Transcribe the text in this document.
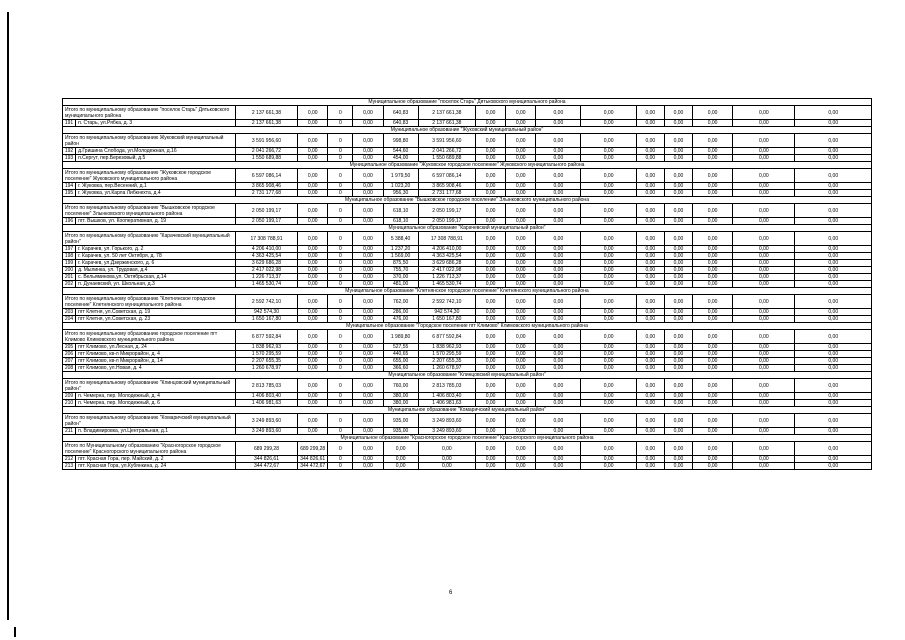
Муниципальное образование "поселок Старь" Дятьковского муниципального района																
Итого по муниципальному образованию "поселок Старь" Дятьковского муниципального района		2 137 661,38	0,00	0	0,00	640,83	2 137 661,38	0,00	0,00	0,00	0,00	0,00	0,00	0,00	0,00	0,00
191	п. Старь, ул.Рябка, д. 3	2 137 661,38	0,00	0	0,00	640,83	2 137 661,38	0,00	0,00	0,00	0,00	0,00	0,00	0,00	0,00	0,00
Муниципальное образование "Жуковский муниципальный район"																
Итого по муниципальному образованию Жуковский муниципальный район		3 591 956,60	0,00	0	0,00	998,80	3 591 956,60	0,00	0,00	0,00	0,00	0,00	0,00	0,00	0,00	0,00
192	д.Гришина Слобода, ул.Молодежная, д.16	2 041 266,72	0,00	0	0,00	544,60	2 041 266,72	0,00	0,00	0,00	0,00	0,00	0,00	0,00	0,00	0,00
193	п.Сергут, пер.Березовый, д.5	1 550 689,88	0,00	0	0,00	454,00	1 550 689,88	0,00	0,00	0,00	0,00	0,00	0,00	0,00	0,00	0,00
Муниципальное образование "Жуковское городское поселение" Жуковского муниципального района																
Итого по муниципальному образованию "Жуковское городское поселение" Жуковского муниципального района		6 597 086,14	0,00	0	0,00	1 979,50	6 597 086,14	0,00	0,00	0,00	0,00	0,00	0,00	0,00	0,00	0,00
194	г. Жуковка, пер.Весенний, д.1	3 865 908,46	0,00	0	0,00	1 023,20	3 865 908,46	0,00	0,00	0,00	0,00	0,00	0,00	0,00	0,00	0,00
195	г. Жуковка, ул.Карла Либкнехта, д.4	2 731 177,68	0,00	0	0,00	956,30	2 731 177,68	0,00	0,00	0,00	0,00	0,00	0,00	0,00	0,00	0,00
Муниципальное образование "Вышковское городское поселение" Злынковского муниципального района																
Итого по муниципальному образованию "Вышковское городское поселение" Злынковского муниципального района		2 050 199,17	0,00	0	0,00	618,10	2 050 199,17	0,00	0,00	0,00	0,00	0,00	0,00	0,00	0,00	0,00
196	пгт. Вышков, ул. Кооперативная, д. 19	2 050 199,17	0,00	0	0,00	618,10	2 050 199,17	0,00	0,00	0,00	0,00	0,00	0,00	0,00	0,00	0,00
Муниципальное образование "Карачевский муниципальный район"																
Итого по муниципальному образованию "Карачевский муниципальный район"		17 308 788,91	0,00	0	0,00	5 388,40	17 308 788,91	0,00	0,00	0,00	0,00	0,00	0,00	0,00	0,00	0,00
197	г. Карачев, ул. Горького, д. 2	4 206 410,00	0,00	0	0,00	1 237,20	4 206 410,00	0,00	0,00	0,00	0,00	0,00	0,00	0,00	0,00	0,00
198	г. Карачев, ул. 50 лет Октября, д. 78	4 363 425,54	0,00	0	0,00	1 569,00	4 363 425,54	0,00	0,00	0,00	0,00	0,00	0,00	0,00	0,00	0,00
199	г. Карачев, ул.Дзержинского, д. 6	3 629 686,28	0,00	0	0,00	875,50	3 629 686,28	0,00	0,00	0,00	0,00	0,00	0,00	0,00	0,00	0,00
200	д. Мылинка, ул. Трудовая, д.4	2 417 022,98	0,00	0	0,00	755,70	2 417 022,98	0,00	0,00	0,00	0,00	0,00	0,00	0,00	0,00	0,00
201	с. Вельяминова,ул. Октябрьская, д.14	1 226 713,37	0,00	0	0,00	370,00	1 226 713,37	0,00	0,00	0,00	0,00	0,00	0,00	0,00	0,00	0,00
202	п. Дунаевский, ул. Школьная, д.3	1 465 530,74	0,00	0	0,00	481,00	1 465 530,74	0,00	0,00	0,00	0,00	0,00	0,00	0,00	0,00	0,00
Муниципальное образование "Клетнянское городское поселение" Клетнянского муниципального района																
Итого по муниципальному образованию "Клетнянское городское поселение" Клетнянского муниципального района		2 592 742,10	0,00	0	0,00	762,00	2 592 742,10	0,00	0,00	0,00	0,00	0,00	0,00	0,00	0,00	0,00
203	пгт Клетня, ул.Советская, д. 19	942 574,30	0,00	0	0,00	286,00	942 574,30	0,00	0,00	0,00	0,00	0,00	0,00	0,00	0,00	0,00
204	пгт Клетня, ул.Советская, д. 23	1 650 167,80	0,00	0	0,00	476,00	1 650 167,80	0,00	0,00	0,00	0,00	0,00	0,00	0,00	0,00	0,00
Муниципальное образование "Городское поселение пгт Климово" Климовского муниципального района																
Итого по муниципальному образованию городское поселение пгт Климово Климовского муниципального района		6 877 592,84	0,00	0	0,00	1 989,80	6 877 592,84	0,00	0,00	0,00	0,00	0,00	0,00	0,00	0,00	0,00
205	пгт Климово, ул.Лесная, д. 24	1 838 962,93	0,00	0	0,00	527,55	1 838 962,93	0,00	0,00	0,00	0,00	0,00	0,00	0,00	0,00	0,00
206	пгт Климово, кв-л Микрорайон, д. 4	1 570 295,59	0,00	0	0,00	440,65	1 570 295,59	0,00	0,00	0,00	0,00	0,00	0,00	0,00	0,00	0,00
207	пгт Климово, кв-л Микрорайон, д. 14	2 207 655,35	0,00	0	0,00	655,00	2 207 655,35	0,00	0,00	0,00	0,00	0,00	0,00	0,00	0,00	0,00
208	пгт Климово, ул.Новая, д. 4	1 260 678,97	0,00	0	0,00	366,60	1 260 678,97	0,00	0,00	0,00	0,00	0,00	0,00	0,00	0,00	0,00
Муниципальное образование "Клинцовский муниципальный район"																
Итого по муниципальному образованию "Клинцовский муниципальный район"		2 813 785,03	0,00	0	0,00	760,00	2 813 785,03	0,00	0,00	0,00	0,00	0,00	0,00	0,00	0,00	0,00
209	п. Чемерна, пер. Молодежный, д. 4	1 406 803,40	0,00	0	0,00	380,00	1 406 803,40	0,00	0,00	0,00	0,00	0,00	0,00	0,00	0,00	0,00
210	п. Чемерна, пер. Молодежный, д. 6	1 406 981,63	0,00	0	0,00	380,00	1 406 981,63	0,00	0,00	0,00	0,00	0,00	0,00	0,00	0,00	0,00
Муниципальное образование "Комаричский муниципальный район"																
Итого по муниципальному образованию "Комаричский муниципальный район"		3 249 893,60	0,00	0	0,00	935,00	3 249 893,60	0,00	0,00	0,00	0,00	0,00	0,00	0,00	0,00	0,00
211	п. Владимировка, ул.Центральная, д.1	3 249 893,60	0,00	0	0,00	935,00	3 249 893,60	0,00	0,00	0,00	0,00	0,00	0,00	0,00	0,00	0,00
Муниципальное образование "Красногорское городское поселение" Красногорского муниципального района																
Итого по Муниципальному образованию "Красногорское городское поселение" Красногорского муниципального района		689 299,28	689 299,28	0	0,00	0,00	0,00	0,00	0,00	0,00	0,00	0,00	0,00	0,00	0,00	0,00
212	пгт. Красная Гора, пер. Майский, д. 2	344 826,61	344 826,61	0	0,00	0,00	0,00	0,00	0,00	0,00	0,00	0,00	0,00	0,00	0,00	0,00
213	пгт. Красная Гора, ул.Кубянкина, д. 24	344 472,67	344 472,67	0	0,00	0,00	0,00	0,00	0,00	0,00	0,00	0,00	0,00	0,00	0,00	0,00
6
